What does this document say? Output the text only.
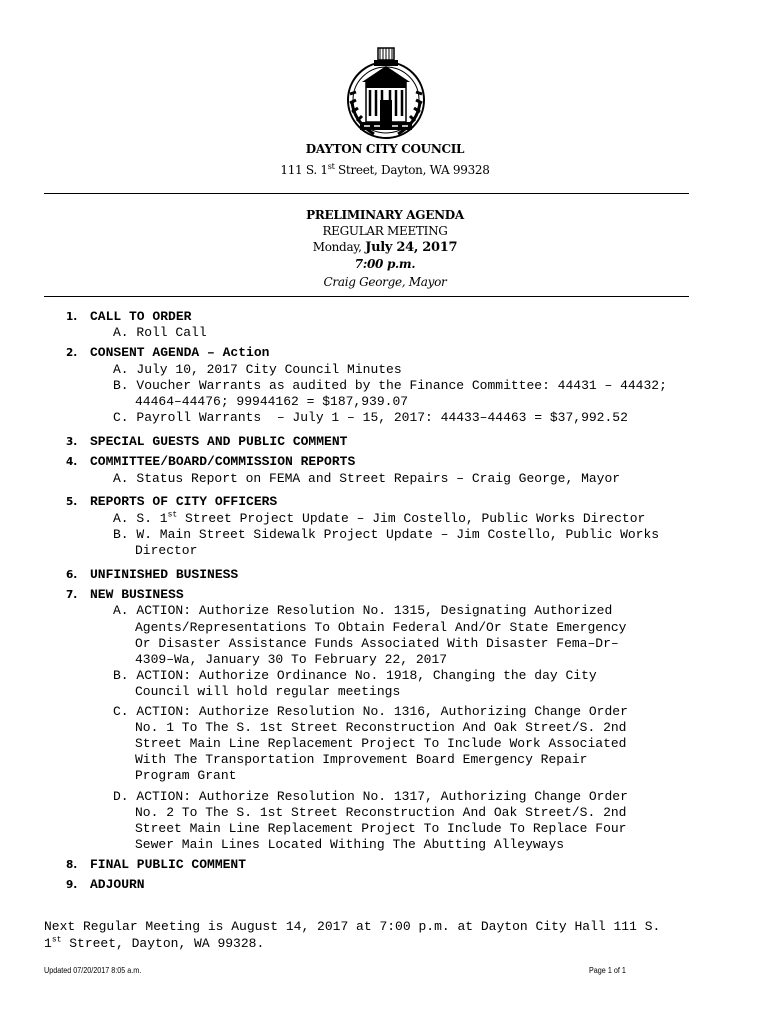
DAYTON CITY COUNCIL
111 S. 1st Street, Dayton, WA 99328
PRELIMINARY AGENDA
REGULAR MEETING
Monday, July 24, 2017
7:00 p.m.
Craig George, Mayor

1.

CALL TO ORDER

A. Roll Call

2.

CONSENT AGENDA – Action

A. July 10, 2017 City Council Minutes
B. Voucher Warrants as audited by the Finance Committee: 44431 – 44432;
44464–44476; 99944162 = $187,939.07
C. Payroll Warrants  – July 1 – 15, 2017: 44433–44463 = $37,992.52

3.

SPECIAL GUESTS AND PUBLIC COMMENT

4.

COMMITTEE/BOARD/COMMISSION REPORTS

A. Status Report on FEMA and Street Repairs – Craig George, Mayor

5.

REPORTS OF CITY OFFICERS

A. S. 1st Street Project Update – Jim Costello, Public Works Director
B. W. Main Street Sidewalk Project Update – Jim Costello, Public Works
Director

6.

UNFINISHED BUSINESS

7.

NEW BUSINESS

A. ACTION: Authorize Resolution No. 1315, Designating Authorized
Agents/Representations To Obtain Federal And/Or State Emergency
Or Disaster Assistance Funds Associated With Disaster Fema–Dr–
4309–Wa, January 30 To February 22, 2017
B. ACTION: Authorize Ordinance No. 1918, Changing the day City
Council will hold regular meetings
C. ACTION: Authorize Resolution No. 1316, Authorizing Change Order
No. 1 To The S. 1st Street Reconstruction And Oak Street/S. 2nd
Street Main Line Replacement Project To Include Work Associated
With The Transportation Improvement Board Emergency Repair
Program Grant
D. ACTION: Authorize Resolution No. 1317, Authorizing Change Order
No. 2 To The S. 1st Street Reconstruction And Oak Street/S. 2nd
Street Main Line Replacement Project To Include To Replace Four
Sewer Main Lines Located Withing The Abutting Alleyways

8.

FINAL PUBLIC COMMENT

9.

ADJOURN

Next Regular Meeting is August 14, 2017 at 7:00 p.m. at Dayton City Hall 111 S.
1st Street, Dayton, WA 99328.
Updated 07/20/2017 8:05 a.m.	Page 1 of 1
